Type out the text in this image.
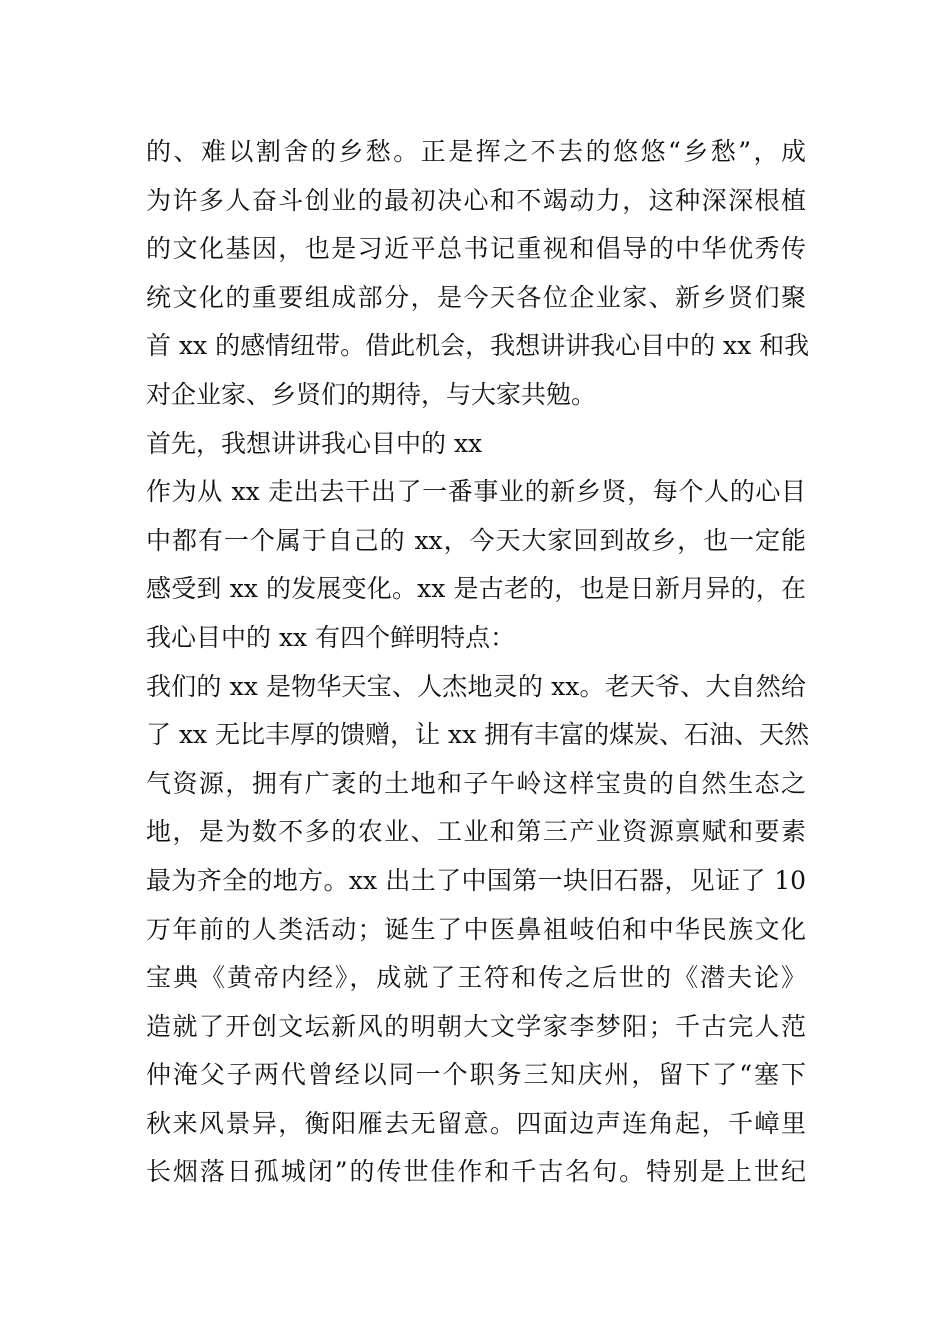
的、难以割舍的乡愁。正是挥之不去的悠悠“乡愁”，成
为许多人奋斗创业的最初决心和不竭动力，这种深深根植
的文化基因，也是习近平总书记重视和倡导的中华优秀传
统文化的重要组成部分，是今天各位企业家、新乡贤们聚
首 xx 的感情纽带。借此机会，我想讲讲我心目中的 xx 和我
对企业家、乡贤们的期待，与大家共勉。
首先，我想讲讲我心目中的 xx
作为从 xx 走出去干出了一番事业的新乡贤，每个人的心目
中都有一个属于自己的 xx，今天大家回到故乡，也一定能
感受到 xx 的发展变化。xx 是古老的，也是日新月异的，在
我心目中的 xx 有四个鲜明特点：
我们的 xx 是物华天宝、人杰地灵的 xx。老天爷、大自然给
了 xx 无比丰厚的馈赠，让 xx 拥有丰富的煤炭、石油、天然
气资源，拥有广袤的土地和子午岭这样宝贵的自然生态之
地，是为数不多的农业、工业和第三产业资源禀赋和要素
最为齐全的地方。xx 出土了中国第一块旧石器，见证了 10
万年前的人类活动；诞生了中医鼻祖岐伯和中华民族文化
宝典《黄帝内经》，成就了王符和传之后世的《潜夫论》
造就了开创文坛新风的明朝大文学家李梦阳；千古完人范
仲淹父子两代曾经以同一个职务三知庆州，留下了“塞下
秋来风景异，衡阳雁去无留意。四面边声连角起，千嶂里
长烟落日孤城闭”的传世佳作和千古名句。特别是上世纪
